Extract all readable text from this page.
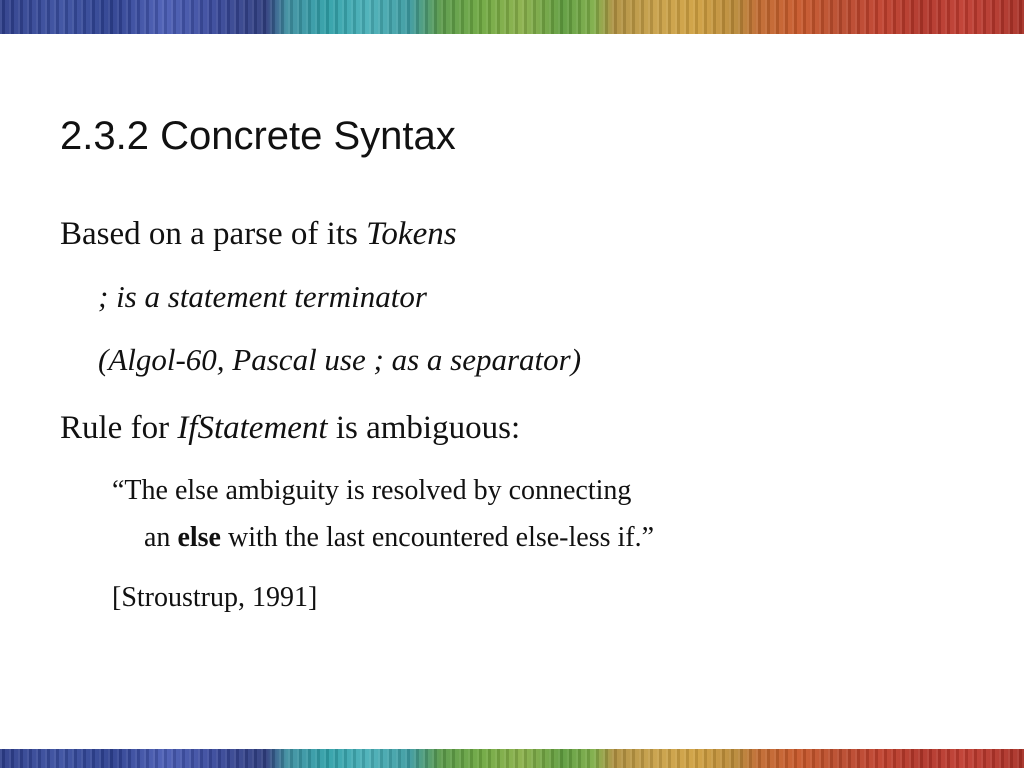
2.3.2 Concrete Syntax

Based on a parse of its Tokens

; is a statement terminator

(Algol-60, Pascal use ; as a separator)

Rule for IfStatement is ambiguous:

“The else ambiguity is resolved by connecting

an else with the last encountered else-less if.”

[Stroustrup, 1991]
